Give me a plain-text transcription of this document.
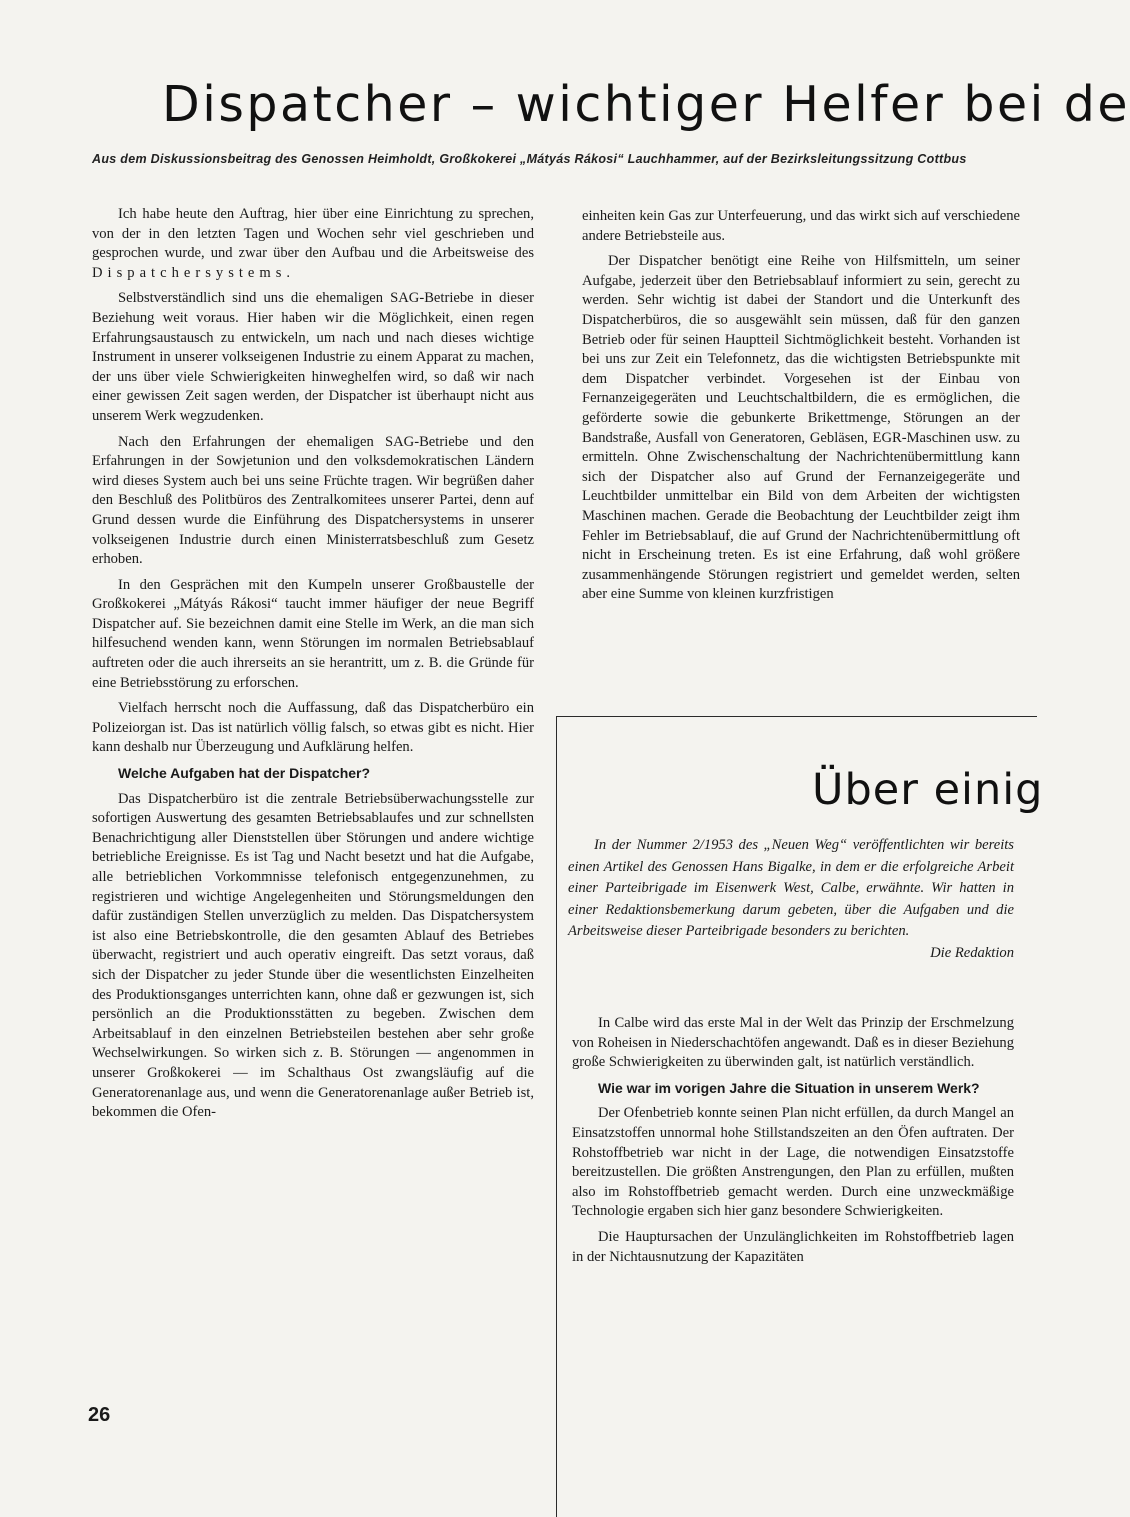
Dispatcher – wichtiger Helfer bei de
Aus dem Diskussionsbeitrag des Genossen Heimholdt, Großkokerei „Mátyás Rákosi“ Lauchhammer, auf der Bezirksleitungssitzung Cottbus

Ich habe heute den Auftrag, hier über eine Einrichtung zu sprechen, von der in den letzten Tagen und Wochen sehr viel geschrieben und gesprochen wurde, und zwar über den Aufbau und die Arbeitsweise des Dispatchersystems.

Selbstverständlich sind uns die ehemaligen SAG-Betriebe in dieser Beziehung weit voraus. Hier haben wir die Möglichkeit, einen regen Erfahrungsaustausch zu entwickeln, um nach und nach dieses wichtige Instrument in unserer volkseigenen Industrie zu einem Apparat zu machen, der uns über viele Schwierigkeiten hinweghelfen wird, so daß wir nach einer gewissen Zeit sagen werden, der Dispatcher ist überhaupt nicht aus unserem Werk wegzudenken.

Nach den Erfahrungen der ehemaligen SAG-Betriebe und den Erfahrungen in der Sowjetunion und den volksdemokratischen Ländern wird dieses System auch bei uns seine Früchte tragen. Wir begrüßen daher den Beschluß des Politbüros des Zentralkomitees unserer Partei, denn auf Grund dessen wurde die Einführung des Dispatchersystems in unserer volkseigenen Industrie durch einen Ministerratsbeschluß zum Gesetz erhoben.

In den Gesprächen mit den Kumpeln unserer Großbaustelle der Großkokerei „Mátyás Rákosi“ taucht immer häufiger der neue Begriff Dispatcher auf. Sie bezeichnen damit eine Stelle im Werk, an die man sich hilfesuchend wenden kann, wenn Störungen im normalen Betriebsablauf auftreten oder die auch ihrerseits an sie herantritt, um z. B. die Gründe für eine Betriebsstörung zu erforschen.

Vielfach herrscht noch die Auffassung, daß das Dispatcherbüro ein Polizeiorgan ist. Das ist natürlich völlig falsch, so etwas gibt es nicht. Hier kann deshalb nur Überzeugung und Aufklärung helfen.

Welche Aufgaben hat der Dispatcher?

Das Dispatcherbüro ist die zentrale Betriebsüberwachungsstelle zur sofortigen Auswertung des gesamten Betriebsablaufes und zur schnellsten Benachrichtigung aller Dienststellen über Störungen und andere wichtige betriebliche Ereignisse. Es ist Tag und Nacht besetzt und hat die Aufgabe, alle betrieblichen Vorkommnisse telefonisch entgegenzunehmen, zu registrieren und wichtige Angelegenheiten und Störungsmeldungen den dafür zuständigen Stellen unverzüglich zu melden. Das Dispatchersystem ist also eine Betriebskontrolle, die den gesamten Ablauf des Betriebes überwacht, registriert und auch operativ eingreift. Das setzt voraus, daß sich der Dispatcher zu jeder Stunde über die wesentlichsten Einzelheiten des Produktionsganges unterrichten kann, ohne daß er gezwungen ist, sich persönlich an die Produktionsstätten zu begeben. Zwischen dem Arbeitsablauf in den einzelnen Betriebsteilen bestehen aber sehr große Wechselwirkungen. So wirken sich z. B. Störungen — angenommen in unserer Großkokerei — im Schalthaus Ost zwangsläufig auf die Generatorenanlage aus, und wenn die Generatorenanlage außer Betrieb ist, bekommen die Ofen-

einheiten kein Gas zur Unterfeuerung, und das wirkt sich auf verschiedene andere Betriebsteile aus.

Der Dispatcher benötigt eine Reihe von Hilfsmitteln, um seiner Aufgabe, jederzeit über den Betriebsablauf informiert zu sein, gerecht zu werden. Sehr wichtig ist dabei der Standort und die Unterkunft des Dispatcherbüros, die so ausgewählt sein müssen, daß für den ganzen Betrieb oder für seinen Hauptteil Sichtmöglichkeit besteht. Vorhanden ist bei uns zur Zeit ein Telefonnetz, das die wichtigsten Betriebspunkte mit dem Dispatcher verbindet. Vorgesehen ist der Einbau von Fernanzeigegeräten und Leuchtschaltbildern, die es ermöglichen, die geförderte sowie die gebunkerte Brikettmenge, Störungen an der Bandstraße, Ausfall von Generatoren, Gebläsen, EGR-Maschinen usw. zu ermitteln. Ohne Zwischenschaltung der Nachrichtenübermittlung kann sich der Dispatcher also auf Grund der Fernanzeigegeräte und Leuchtbilder unmittelbar ein Bild von dem Arbeiten der wichtigsten Maschinen machen. Gerade die Beobachtung der Leuchtbilder zeigt ihm Fehler im Betriebsablauf, die auf Grund der Nachrichtenübermittlung oft nicht in Erscheinung treten. Es ist eine Erfahrung, daß wohl größere zusammenhängende Störungen registriert und gemeldet werden, selten aber eine Summe von kleinen kurzfristigen

Über einig

In der Nummer 2/1953 des „Neuen Weg“ veröffentlichten wir bereits einen Artikel des Genossen Hans Bigalke, in dem er die erfolgreiche Arbeit einer Parteibrigade im Eisenwerk West, Calbe, erwähnte. Wir hatten in einer Redaktionsbemerkung darum gebeten, über die Aufgaben und die Arbeitsweise dieser Parteibrigade besonders zu berichten.

Die Redaktion

In Calbe wird das erste Mal in der Welt das Prinzip der Erschmelzung von Roheisen in Niederschachtöfen angewandt. Daß es in dieser Beziehung große Schwierigkeiten zu überwinden galt, ist natürlich verständlich.

Wie war im vorigen Jahre die Situation in unserem Werk?

Der Ofenbetrieb konnte seinen Plan nicht erfüllen, da durch Mangel an Einsatzstoffen unnormal hohe Stillstandszeiten an den Öfen auftraten. Der Rohstoffbetrieb war nicht in der Lage, die notwendigen Einsatzstoffe bereitzustellen. Die größten Anstrengungen, den Plan zu erfüllen, mußten also im Rohstoffbetrieb gemacht werden. Durch eine unzweckmäßige Technologie ergaben sich hier ganz besondere Schwierigkeiten.

Die Hauptursachen der Unzulänglichkeiten im Rohstoffbetrieb lagen in der Nichtausnutzung der Kapazitäten

26
